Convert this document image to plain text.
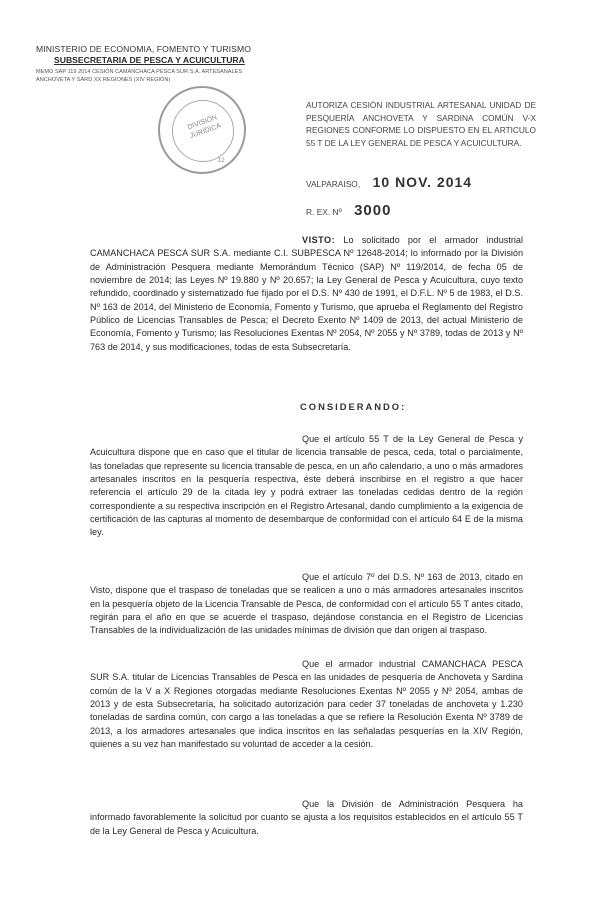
MINISTERIO DE ECONOMIA, FOMENTO Y TURISMO
SUBSECRETARIA DE PESCA Y ACUICULTURA
MEMO SAP 119 2014 CESIÓN CAMANCHACA PESCA SUR S.A. ARTESANALES
ANCHOVETA Y SARD XX REGIONES (XIV REGIÓN)
DIVISIÓN JURÍDICA
12
AUTORIZA CESIÓN INDUSTRIAL ARTESANAL UNIDAD DE PESQUERÍA ANCHOVETA Y SARDINA COMÚN V-X REGIONES CONFORME LO DISPUESTO EN EL ARTICULO 55 T DE LA LEY GENERAL DE PESCA Y ACUICULTURA.
VALPARAISO, 10 NOV. 2014
R. EX. Nº 3000
VISTO: Lo solicitado por el armador industrial CAMANCHACA PESCA SUR S.A. mediante C.I. SUBPESCA Nº 12648-2014; lo informado por la División de Administración Pesquera mediante Memorándum Técnico (SAP) Nº 119/2014, de fecha 05 de noviembre de 2014; las Leyes Nº 19.880 y Nº 20.657; la Ley General de Pesca y Acuicultura, cuyo texto refundido, coordinado y sistematizado fue fijado por el D.S. Nº 430 de 1991, el D.F.L. Nº 5 de 1983, el D.S. Nº 163 de 2014, del Ministerio de Economía, Fomento y Turismo, que aprueba el Reglamento del Registro Público de Licencias Transables de Pesca; el Decreto Exento Nº 1409 de 2013, del actual Ministerio de Economía, Fomento y Turismo; las Resoluciones Exentas Nº 2054, Nº 2055 y Nº 3789, todas de 2013 y Nº 763 de 2014, y sus modificaciones, todas de esta Subsecretaría.
CONSIDERANDO:
Que el artículo 55 T de la Ley General de Pesca y Acuicultura dispone que en caso que el titular de licencia transable de pesca, ceda, total o parcialmente, las toneladas que represente su licencia transable de pesca, en un año calendario, a uno o más armadores artesanales inscritos en la pesquería respectiva, éste deberá inscribirse en el registro a que hacer referencia el artículo 29 de la citada ley y podrá extraer las toneladas cedidas dentro de la región correspondiente a su respectiva inscripción en el Registro Artesanal, dando cumplimiento a la exigencia de certificación de las capturas al momento de desembarque de conformidad con el artículo 64 E de la misma ley.
Que el artículo 7º del D.S. Nº 163 de 2013, citado en Visto, dispone que el traspaso de toneladas que se realicen a uno o más armadores artesanales inscritos en la pesquería objeto de la Licencia Transable de Pesca, de conformidad con el artículo 55 T antes citado, regirán para el año en que se acuerde el traspaso, dejándose constancia en el Registro de Licencias Transables de la individualización de las unidades mínimas de división que dan origen al traspaso.
Que el armador industrial CAMANCHACA PESCA SUR S.A. titular de Licencias Transables de Pesca en las unidades de pesquería de Anchoveta y Sardina común de la V a X Regiones otorgadas mediante Resoluciones Exentas Nº 2055 y Nº 2054, ambas de 2013 y de esta Subsecretaría, ha solicitado autorización para ceder 37 toneladas de anchoveta y 1.230 toneladas de sardina común, con cargo a las toneladas a que se refiere la Resolución Exenta Nº 3789 de 2013, a los armadores artesanales que indica inscritos en las señaladas pesquerías en la XIV Región, quienes a su vez han manifestado su voluntad de acceder a la cesión.
Que la División de Administración Pesquera ha informado favorablemente la solicitud por cuanto se ajusta a los requisitos establecidos en el artículo 55 T de la Ley General de Pesca y Acuicultura.
